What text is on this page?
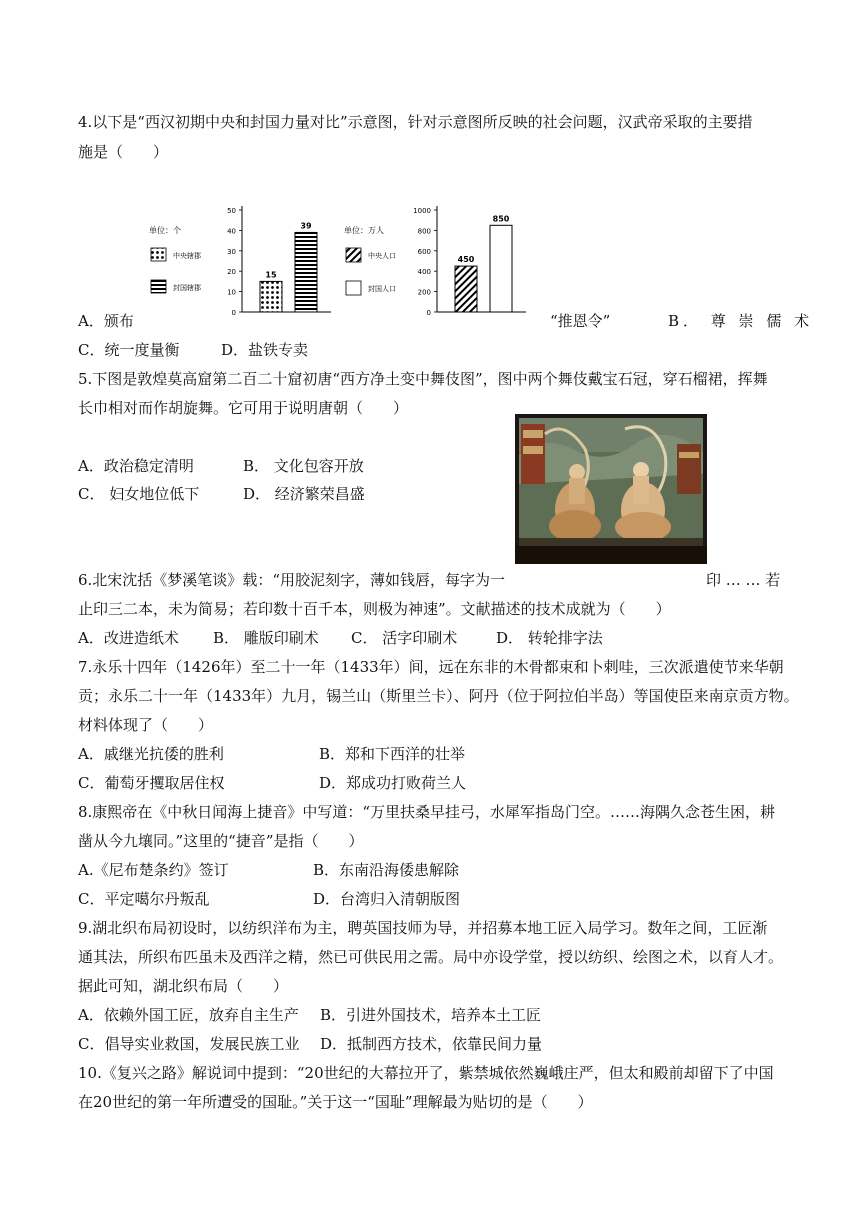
4.以下是“西汉初期中央和封国力量对比”示意图，针对示意图所反映的社会问题，汉武帝采取的主要措
施是（　　）
单位：个
中央辖郡
封国辖郡
0
10
20
30
40
50
15
39
单位：万人
中央人口
封国人口
0
200
400
600
800
1000
450
850
A．颁布	“推恩令”	B． 尊 崇 儒 术
C．统一度量衡	D．盐铁专卖
5.下图是敦煌莫高窟第二百二十窟初唐“西方净土变中舞伎图”，图中两个舞伎戴宝石冠，穿石榴裙，挥舞
长巾相对而作胡旋舞。它可用于说明唐朝（　　）
A．政治稳定清明	B． 文化包容开放
C． 妇女地位低下	D． 经济繁荣昌盛
6.北宋沈括《梦溪笔谈》载：“用胶泥刻字，薄如钱唇，每字为一	印 … … 若
止印三二本，未为简易；若印数十百千本，则极为神速”。文献描述的技术成就为（　　）
A．改进造纸术 B． 雕版印刷术 C． 活字印刷术	D． 转轮排字法
7.永乐十四年（1426年）至二十一年（1433年）间，远在东非的木骨都束和卜剌哇，三次派遣使节来华朝
贡；永乐二十一年（1433年）九月，锡兰山（斯里兰卡）、阿丹（位于阿拉伯半岛）等国使臣来南京贡方物。
材料体现了（　　）
A．戚继光抗倭的胜利	B．郑和下西洋的壮举
C．葡萄牙攫取居住权	D．郑成功打败荷兰人
8.康熙帝在《中秋日闻海上捷音》中写道：“万里扶桑早挂弓，水犀军指岛门空。……海隅久念苍生困，耕
凿从今九壤同。”这里的“捷音”是指（　　）
A.《尼布楚条约》签订	B．东南沿海倭患解除
C．平定噶尔丹叛乱	D．台湾归入清朝版图
9.湖北织布局初设时，以纺织洋布为主，聘英国技师为导，并招募本地工匠入局学习。数年之间，工匠渐
通其法，所织布匹虽未及西洋之精，然已可供民用之需。局中亦设学堂，授以纺织、绘图之术，以育人才。
据此可知，湖北织布局（　　）
A．依赖外国工匠，放弃自主生产 B．引进外国技术，培养本土工匠
C．倡导实业救国，发展民族工业 D．抵制西方技术，依靠民间力量
10.《复兴之路》解说词中提到：“20世纪的大幕拉开了，紫禁城依然巍峨庄严，但太和殿前却留下了中国
在20世纪的第一年所遭受的国耻。”关于这一“国耻”理解最为贴切的是（　　）
